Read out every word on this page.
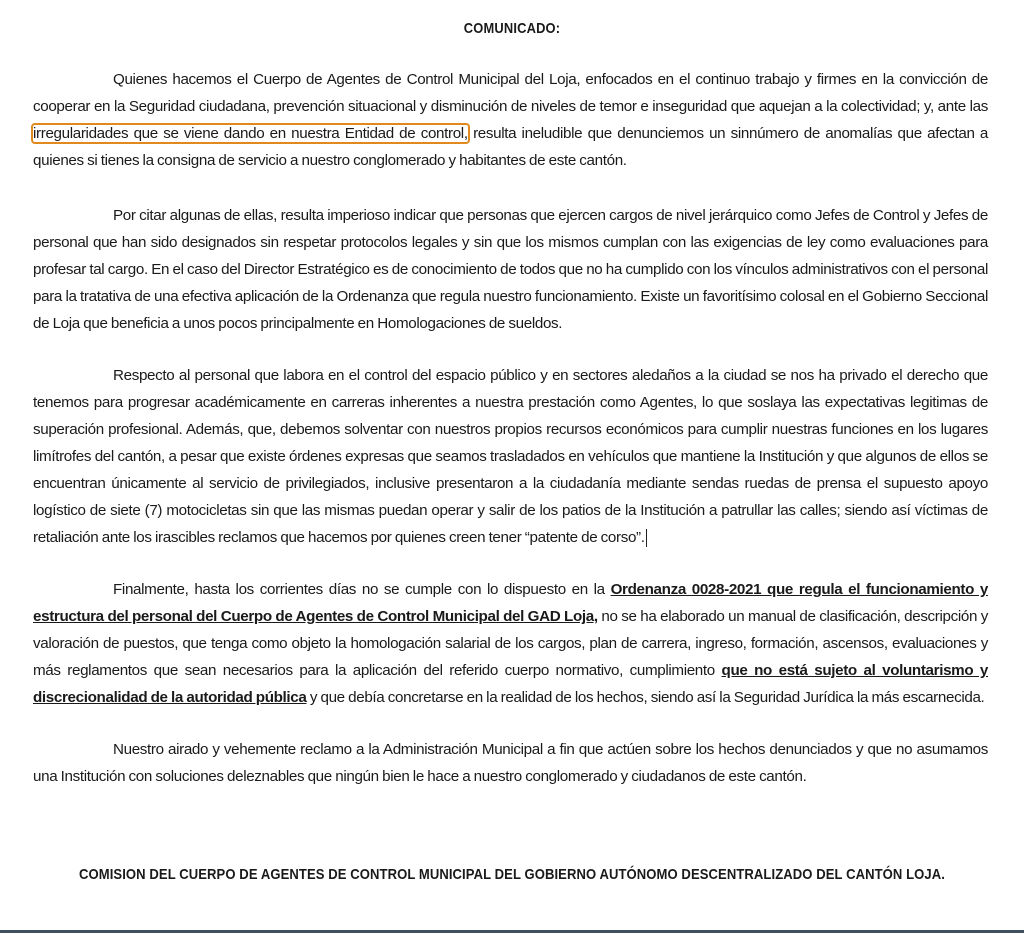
COMUNICADO:
Quienes hacemos el Cuerpo de Agentes de Control Municipal del Loja, enfocados en el continuo trabajo y firmes en la convicción de cooperar en la Seguridad ciudadana, prevención situacional y disminución de niveles de temor e inseguridad que aquejan a la colectividad; y, ante las irregularidades que se viene dando en nuestra Entidad de control, resulta ineludible que denunciemos un sinnúmero de anomalías que afectan a quienes si tienes la consigna de servicio a nuestro conglomerado y habitantes de este cantón.
Por citar algunas de ellas, resulta imperioso indicar que personas que ejercen cargos de nivel jerárquico como Jefes de Control y Jefes de personal que han sido designados sin respetar protocolos legales y sin que los mismos cumplan con las exigencias de ley como evaluaciones para profesar tal cargo. En el caso del Director Estratégico es de conocimiento de todos que no ha cumplido con los vínculos administrativos con el personal para la tratativa de una efectiva aplicación de la Ordenanza que regula nuestro funcionamiento. Existe un favoritísimo colosal en el Gobierno Seccional de Loja que beneficia a unos pocos principalmente en Homologaciones de sueldos.
Respecto al personal que labora en el control del espacio público y en sectores aledaños a la ciudad se nos ha privado el derecho que tenemos para progresar académicamente en carreras inherentes a nuestra prestación como Agentes, lo que soslaya las expectativas legitimas de superación profesional. Además, que, debemos solventar con nuestros propios recursos económicos para cumplir nuestras funciones en los lugares limítrofes del cantón, a pesar que existe órdenes expresas que seamos trasladados en vehículos que mantiene la Institución y que algunos de ellos se encuentran únicamente al servicio de privilegiados, inclusive presentaron a la ciudadanía mediante sendas ruedas de prensa el supuesto apoyo logístico de siete (7) motocicletas sin que las mismas puedan operar y salir de los patios de la Institución a patrullar las calles; siendo así víctimas de retaliación ante los irascibles reclamos que hacemos por quienes creen tener “patente de corso”.
Finalmente, hasta los corrientes días no se cumple con lo dispuesto en la Ordenanza 0028-2021 que regula el funcionamiento y estructura del personal del Cuerpo de Agentes de Control Municipal del GAD Loja, no se ha elaborado un manual de clasificación, descripción y valoración de puestos, que tenga como objeto la homologación salarial de los cargos, plan de carrera, ingreso, formación, ascensos, evaluaciones y más reglamentos que sean necesarios para la aplicación del referido cuerpo normativo, cumplimiento que no está sujeto al voluntarismo y discrecionalidad de la autoridad pública y que debía concretarse en la realidad de los hechos, siendo así la Seguridad Jurídica la más escarnecida.
Nuestro airado y vehemente reclamo a la Administración Municipal a fin que actúen sobre los hechos denunciados y que no asumamos una Institución con soluciones deleznables que ningún bien le hace a nuestro conglomerado y ciudadanos de este cantón.
COMISION DEL CUERPO DE AGENTES DE CONTROL MUNICIPAL DEL GOBIERNO AUTÓNOMO DESCENTRALIZADO DEL CANTÓN LOJA.
